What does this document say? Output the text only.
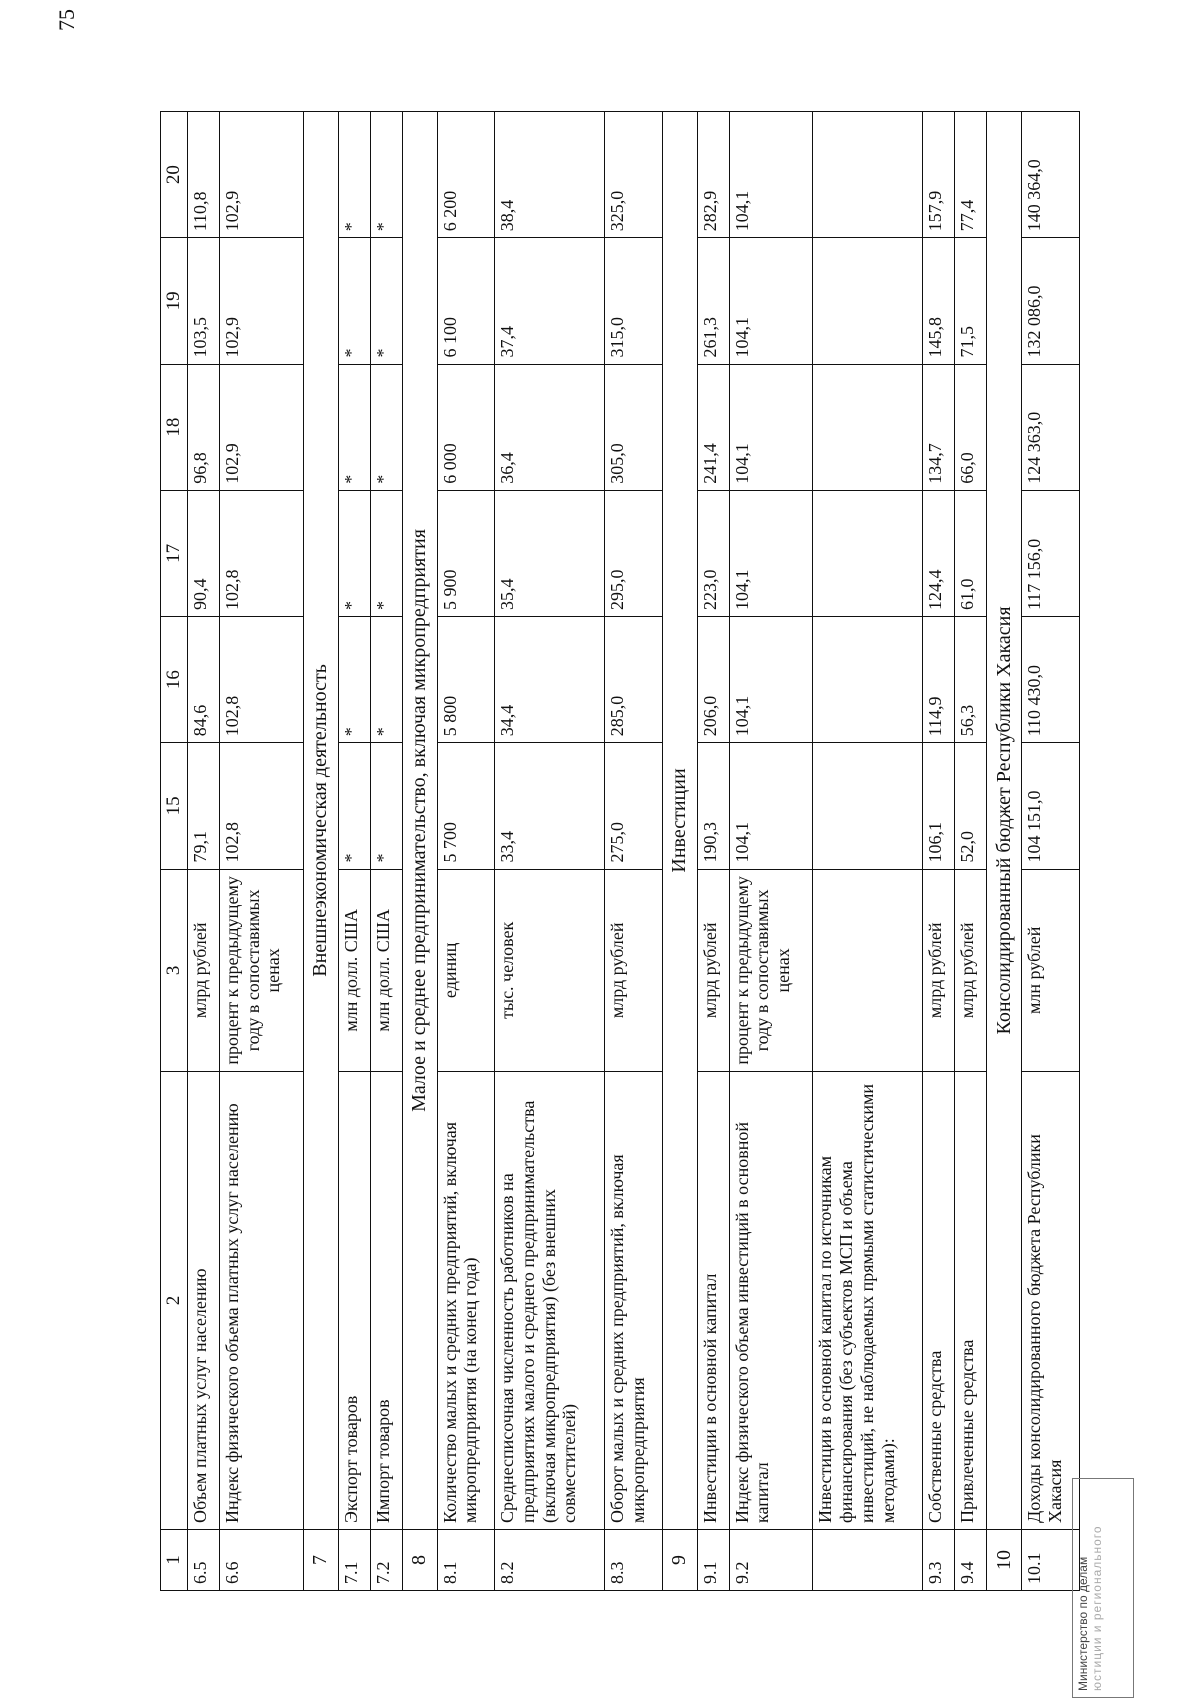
75
1	2	3	15	16	17	18	19	20
6.5	Объем платных услуг населению	млрд рублей	79,1	84,6	90,4	96,8	103,5	110,8
6.6	Индекс физического объема платных услуг населению	процент к предыдущему году в сопоставимых ценах	102,8	102,8	102,8	102,9	102,9	102,9
7	Внешнеэкономическая деятельность							
7.1	Экспорт товаров	млн долл. США	*	*	*	*	*	*
7.2	Импорт товаров	млн долл. США	*	*	*	*	*	*
8	Малое и среднее предпринимательство, включая микропредприятия							
8.1	Количество малых и средних предприятий, включая микропредприятия (на конец года)	единиц	5 700	5 800	5 900	6 000	6 100	6 200
8.2	Среднесписочная численность работников на предприятиях малого и среднего предпринимательства (включая микропредприятия) (без внешних совместителей)	тыс. человек	33,4	34,4	35,4	36,4	37,4	38,4
8.3	Оборот малых и средних предприятий, включая микропредприятия	млрд рублей	275,0	285,0	295,0	305,0	315,0	325,0
9	Инвестиции							
9.1	Инвестиции в основной капитал	млрд рублей	190,3	206,0	223,0	241,4	261,3	282,9
9.2	Индекс физического объема инвестиций в основной капитал	процент к предыдущему году в сопоставимых ценах	104,1	104,1	104,1	104,1	104,1	104,1
	Инвестиции в основной капитал по источникам финансирования (без субъектов МСП и объема инвестиций, не наблюдаемых прямыми статистическими методами):							
9.3	Собственные средства	млрд рублей	106,1	114,9	124,4	134,7	145,8	157,9
9.4	Привлеченные средства	млрд рублей	52,0	56,3	61,0	66,0	71,5	77,4
10	Консолидированный бюджет Республики Хакасия							
10.1	Доходы консолидированного бюджета Республики Хакасия	млн рублей	104 151,0	110 430,0	117 156,0	124 363,0	132 086,0	140 364,0
Министерство по делам юстиции и регионального
